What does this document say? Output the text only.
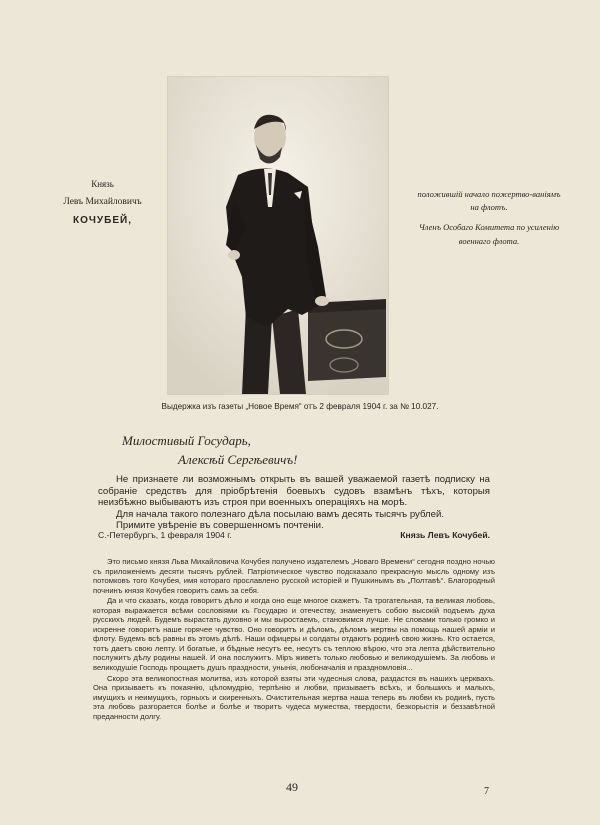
Князь
Левъ Михайловичъ
КОЧУБЕЙ,

положившій начало пожертво-ваніямъ на флотъ.

Членъ Особаго Комитета по усиленію военнаго флота.

Выдержка изъ газеты „Новое Время“ отъ 2 февраля 1904 г. за № 10.027.
Милостивый Государь,
Алексѣй Сергѣевичъ!

Не признаете ли возможнымъ открыть въ вашей уважаемой газетѣ подписку на собраніе средствъ для пріобрѣтенія боевыхъ судовъ взамѣнъ тѣхъ, которыя неизбѣжно выбываютъ изъ строя при военныхъ операціяхъ на морѣ.

Для начала такого полезнаго дѣла посылаю вамъ десять тысячъ рублей.

Примите увѣреніе въ совершенномъ почтеніи.

С.-Петербургъ, 1 февраля 1904 г.	Князь Левъ Кочубей.

Это письмо князя Льва Михайловича Кочубея получено издателемъ „Новаго Времени“ сегодня поздно ночью съ приложеніемъ десяти тысячъ рублей. Патріотическое чувство подсказало прекрасную мысль одному изъ потомковъ того Кочубея, имя котораго прославлено русской исторіей и Пушкинымъ въ „Полтавѣ“. Благородный почнинъ князя Кочубея говоритъ самъ за себя.

Да и что сказать, когда говоритъ дѣло и когда оно еще многое скажетъ. Та трогательная, та великая любовь, которая выражается всѣми сословіями къ Государю и отечеству, знаменуетъ собою высокій подъемъ духа русскихъ людей. Будемъ вырастать духовно и мы выростаемъ, становимся лучше. Не словами только громко и искренне говоритъ наше горячее чувство. Оно говоритъ и дѣломъ, дѣломъ жертвы на помощь нашей арміи и флоту. Будемъ всѣ равны въ этомъ дѣлѣ. Наши офицеры и солдаты отдаютъ родинѣ свою жизнь. Кто остается, тотъ даетъ свою лепту. И богатые, и бѣдные несутъ ее, несутъ съ теплою вѣрою, что эта лепта дѣйствительно послужитъ дѣлу родины нашей. И она послужитъ. Міръ живетъ только любовью и великодушіемъ. За любовь и великодушіе Господь прощаетъ душъ праздности, унынія, любоначалія и праздномловія...

Скоро эта великопостная молитва, изъ которой взяты эти чудесныя слова, раздастся въ нашихъ церквахъ. Она призываетъ къ покаянію, цѣломудрію, терпѣнію и любви, призываетъ всѣхъ, и большихъ и малыхъ, имущихъ и неимущихъ, горныхъ и скиренныхъ. Очистительная жертва наша теперь въ любви къ родинѣ, пусть эта любовь разгорается болѣе и болѣе и творитъ чудеса мужества, твердости, безкорыстія и беззавѣтной преданности долгу.

49	7
